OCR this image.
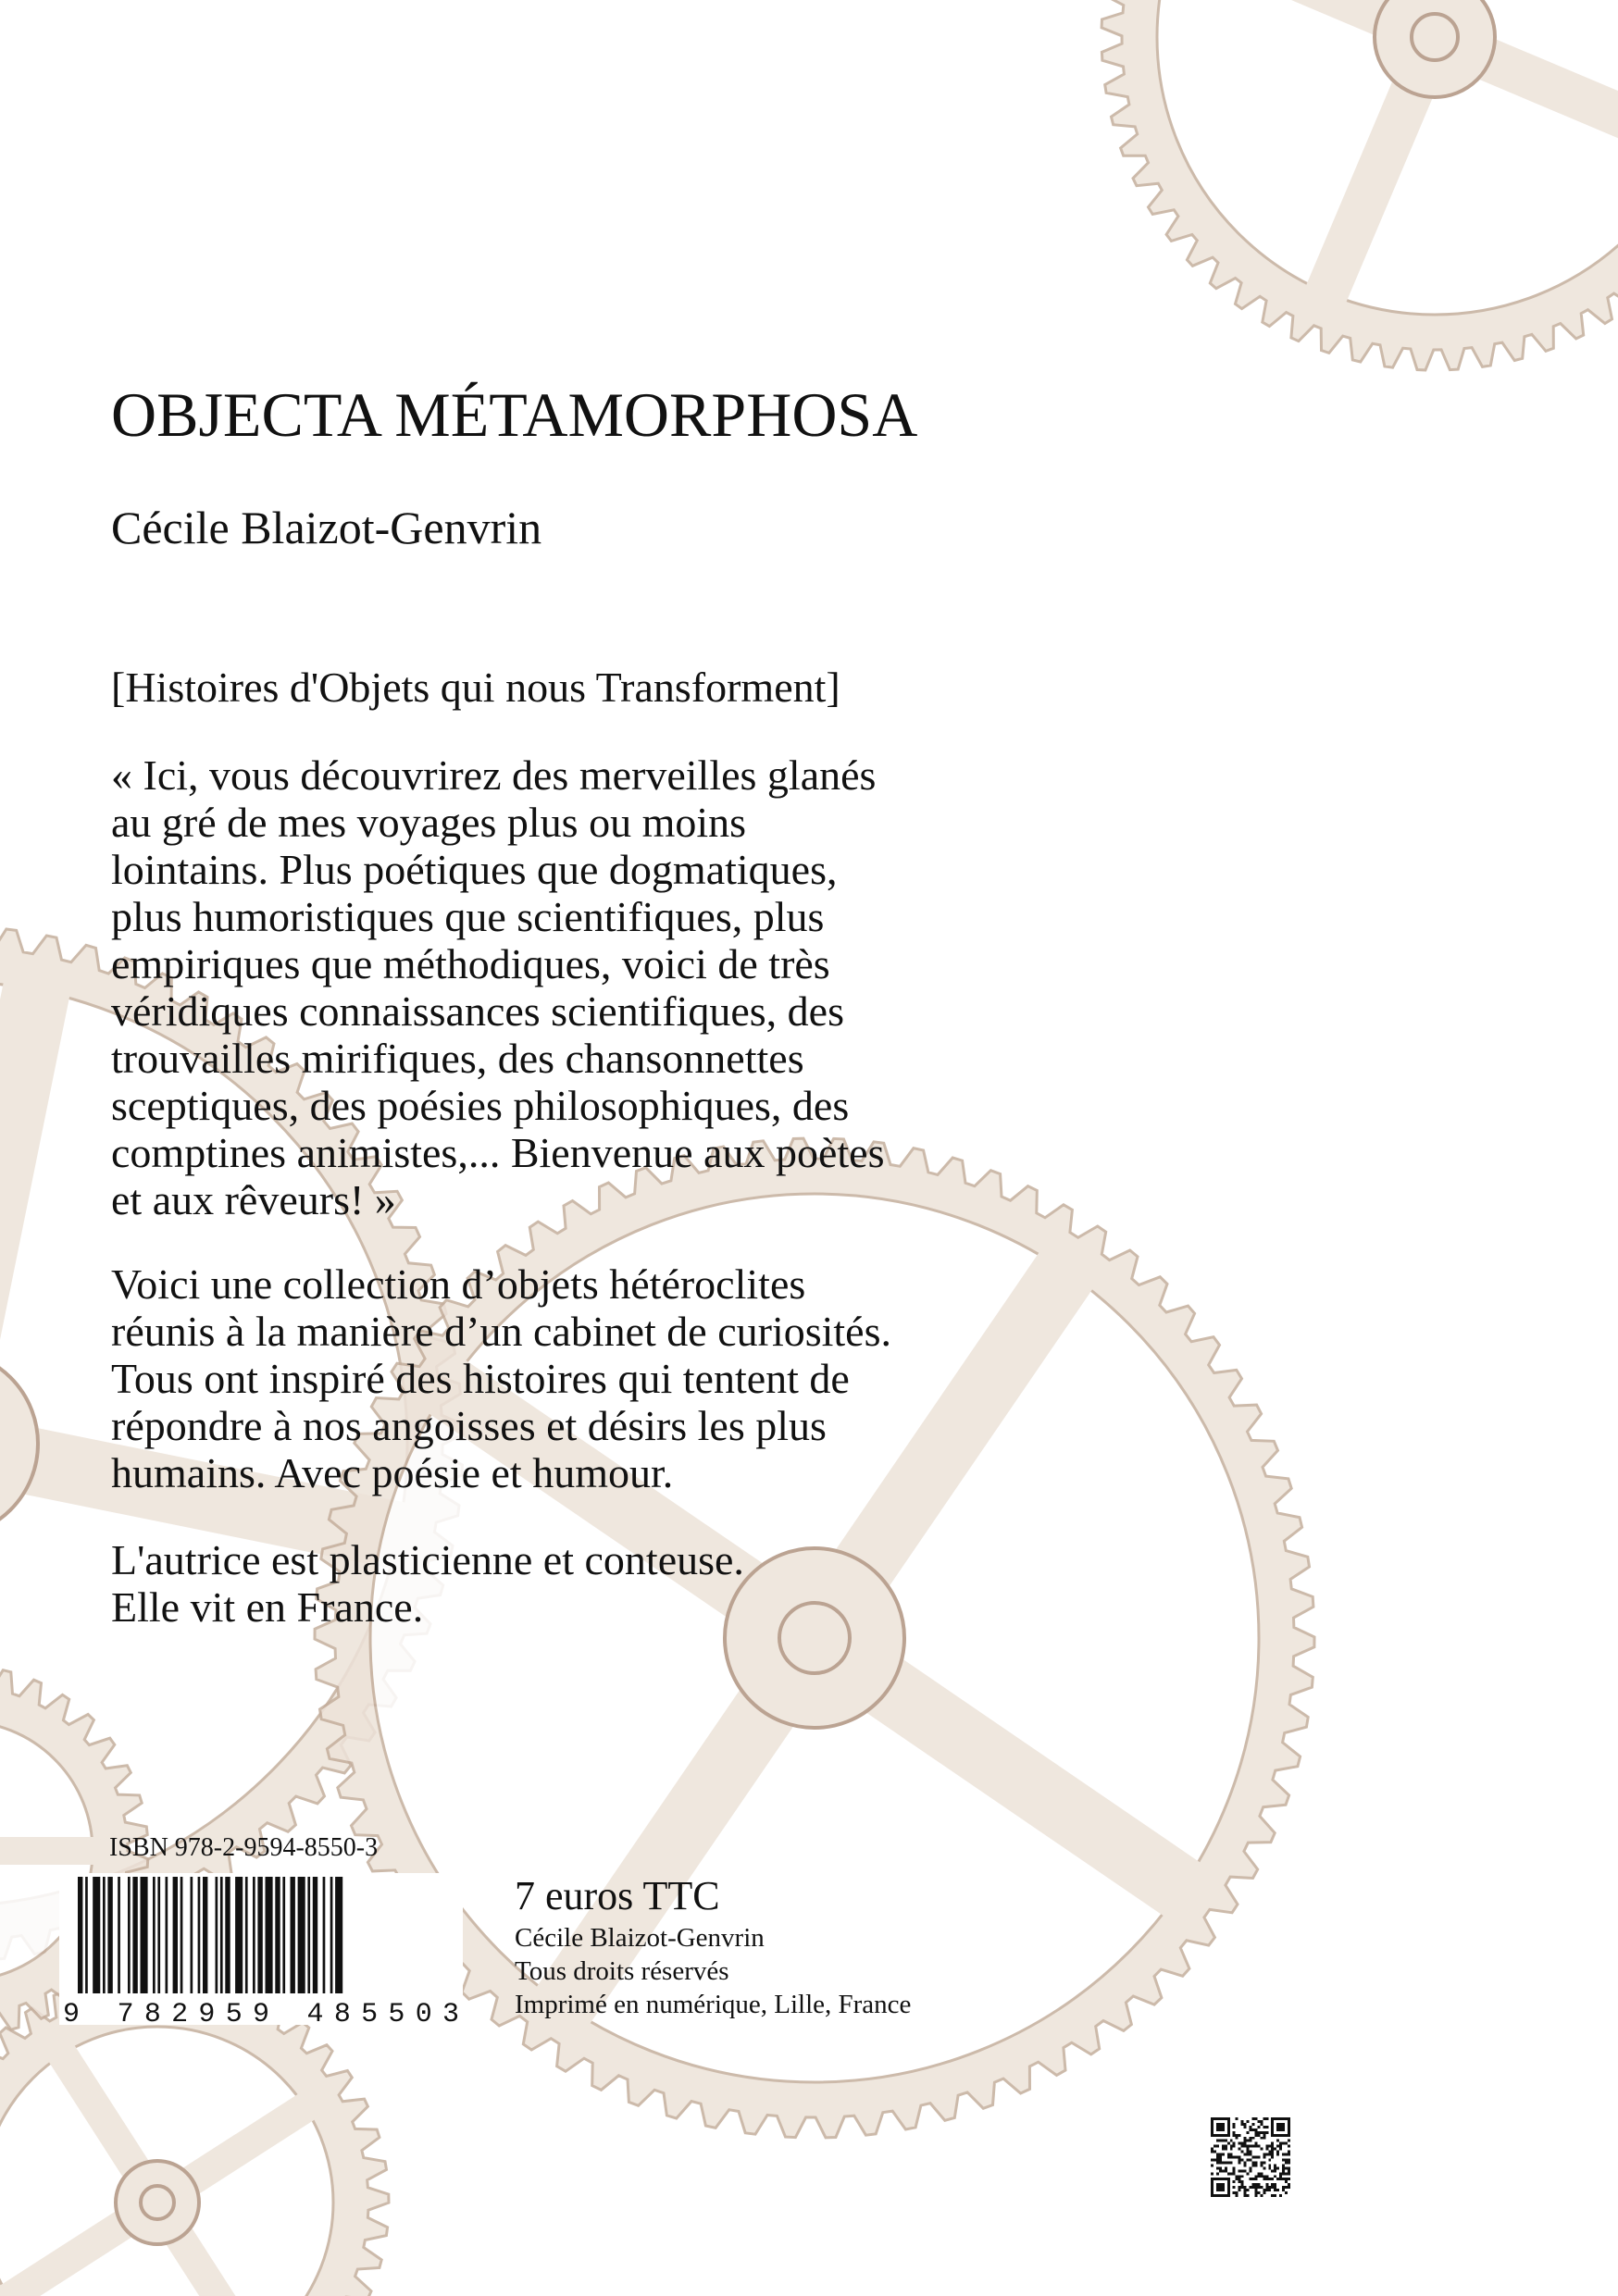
OBJECTA MÉTAMORPHOSA
Cécile Blaizot-Genvrin
[Histoires d'Objets qui nous Transforment]
« Ici, vous découvrirez des merveilles glanés
au gré de mes voyages plus ou moins
lointains. Plus poétiques que dogmatiques,
plus humoristiques que scientifiques, plus
empiriques que méthodiques, voici de très
véridiques connaissances scientifiques, des
trouvailles mirifiques, des chansonnettes
sceptiques, des poésies philosophiques, des
comptines animistes,... Bienvenue aux poètes
et aux rêveurs! »
Voici une collection d’objets hétéroclites
réunis à la manière d’un cabinet de curiosités.
Tous ont inspiré des histoires qui tentent de
répondre à nos angoisses et désirs les plus
humains. Avec poésie et humour.
L'autrice est plasticienne et conteuse.
Elle vit en France.
ISBN 978-2-9594-8550-3
9 782959 485503
7 euros TTC
Cécile Blaizot-Genvrin
Tous droits réservés
Imprimé en numérique, Lille, France
